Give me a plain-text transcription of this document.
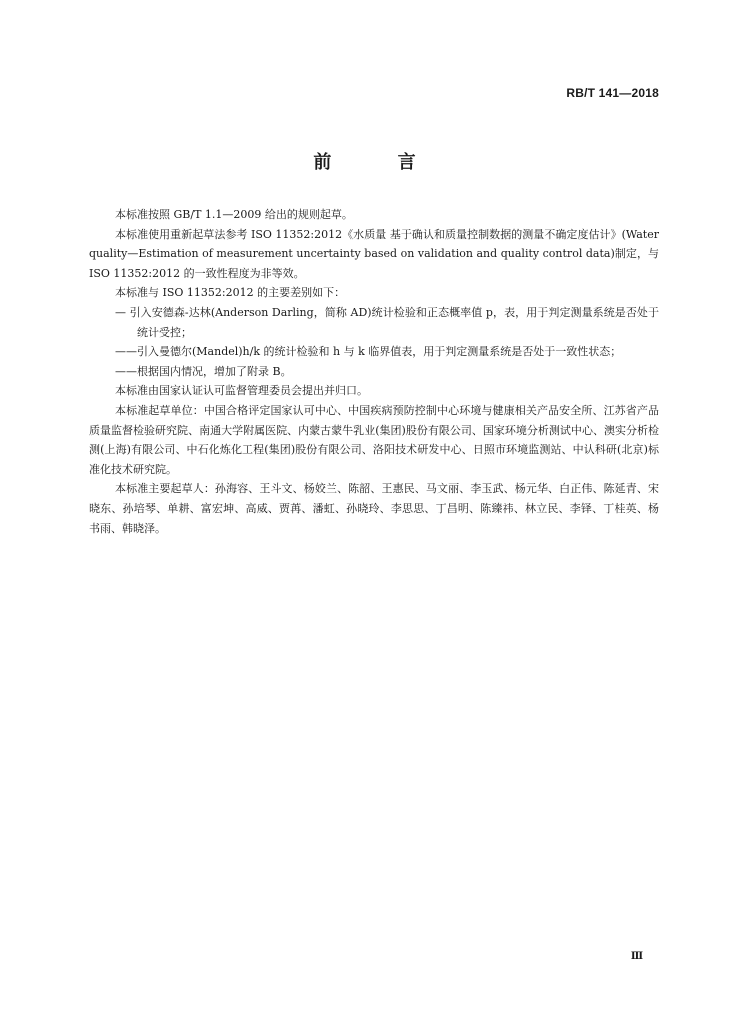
RB/T 141—2018
前 言

本标准按照 GB/T 1.1—2009 给出的规则起草。

本标准使用重新起草法参考 ISO 11352:2012《水质量 基于确认和质量控制数据的测量不确定度估计》(Water quality—Estimation of measurement uncertainty based on validation and quality control data)制定，与 ISO 11352:2012 的一致性程度为非等效。

本标准与 ISO 11352:2012 的主要差别如下：

— 引入安德森-达林(Anderson Darling，简称 AD)统计检验和正态概率值 p，表，用于判定测量系统是否处于统计受控；

——引入曼德尔(Mandel)h/k 的统计检验和 h 与 k 临界值表，用于判定测量系统是否处于一致性状态；

——根据国内情况，增加了附录 B。

本标准由国家认证认可监督管理委员会提出并归口。

本标准起草单位：中国合格评定国家认可中心、中国疾病预防控制中心环境与健康相关产品安全所、江苏省产品质量监督检验研究院、南通大学附属医院、内蒙古蒙牛乳业(集团)股份有限公司、国家环境分析测试中心、澳实分析检测(上海)有限公司、中石化炼化工程(集团)股份有限公司、洛阳技术研发中心、日照市环境监测站、中认科研(北京)标准化技术研究院。

本标准主要起草人：孙海容、王斗文、杨姣兰、陈韶、王惠民、马文丽、李玉武、杨元华、白正伟、陈延青、宋晓东、孙培琴、单耕、富宏坤、高威、贾苒、潘虹、孙晓玲、李思思、丁昌明、陈臻祎、林立民、李铎、丁桂英、杨书雨、韩晓泽。

Ⅲ
